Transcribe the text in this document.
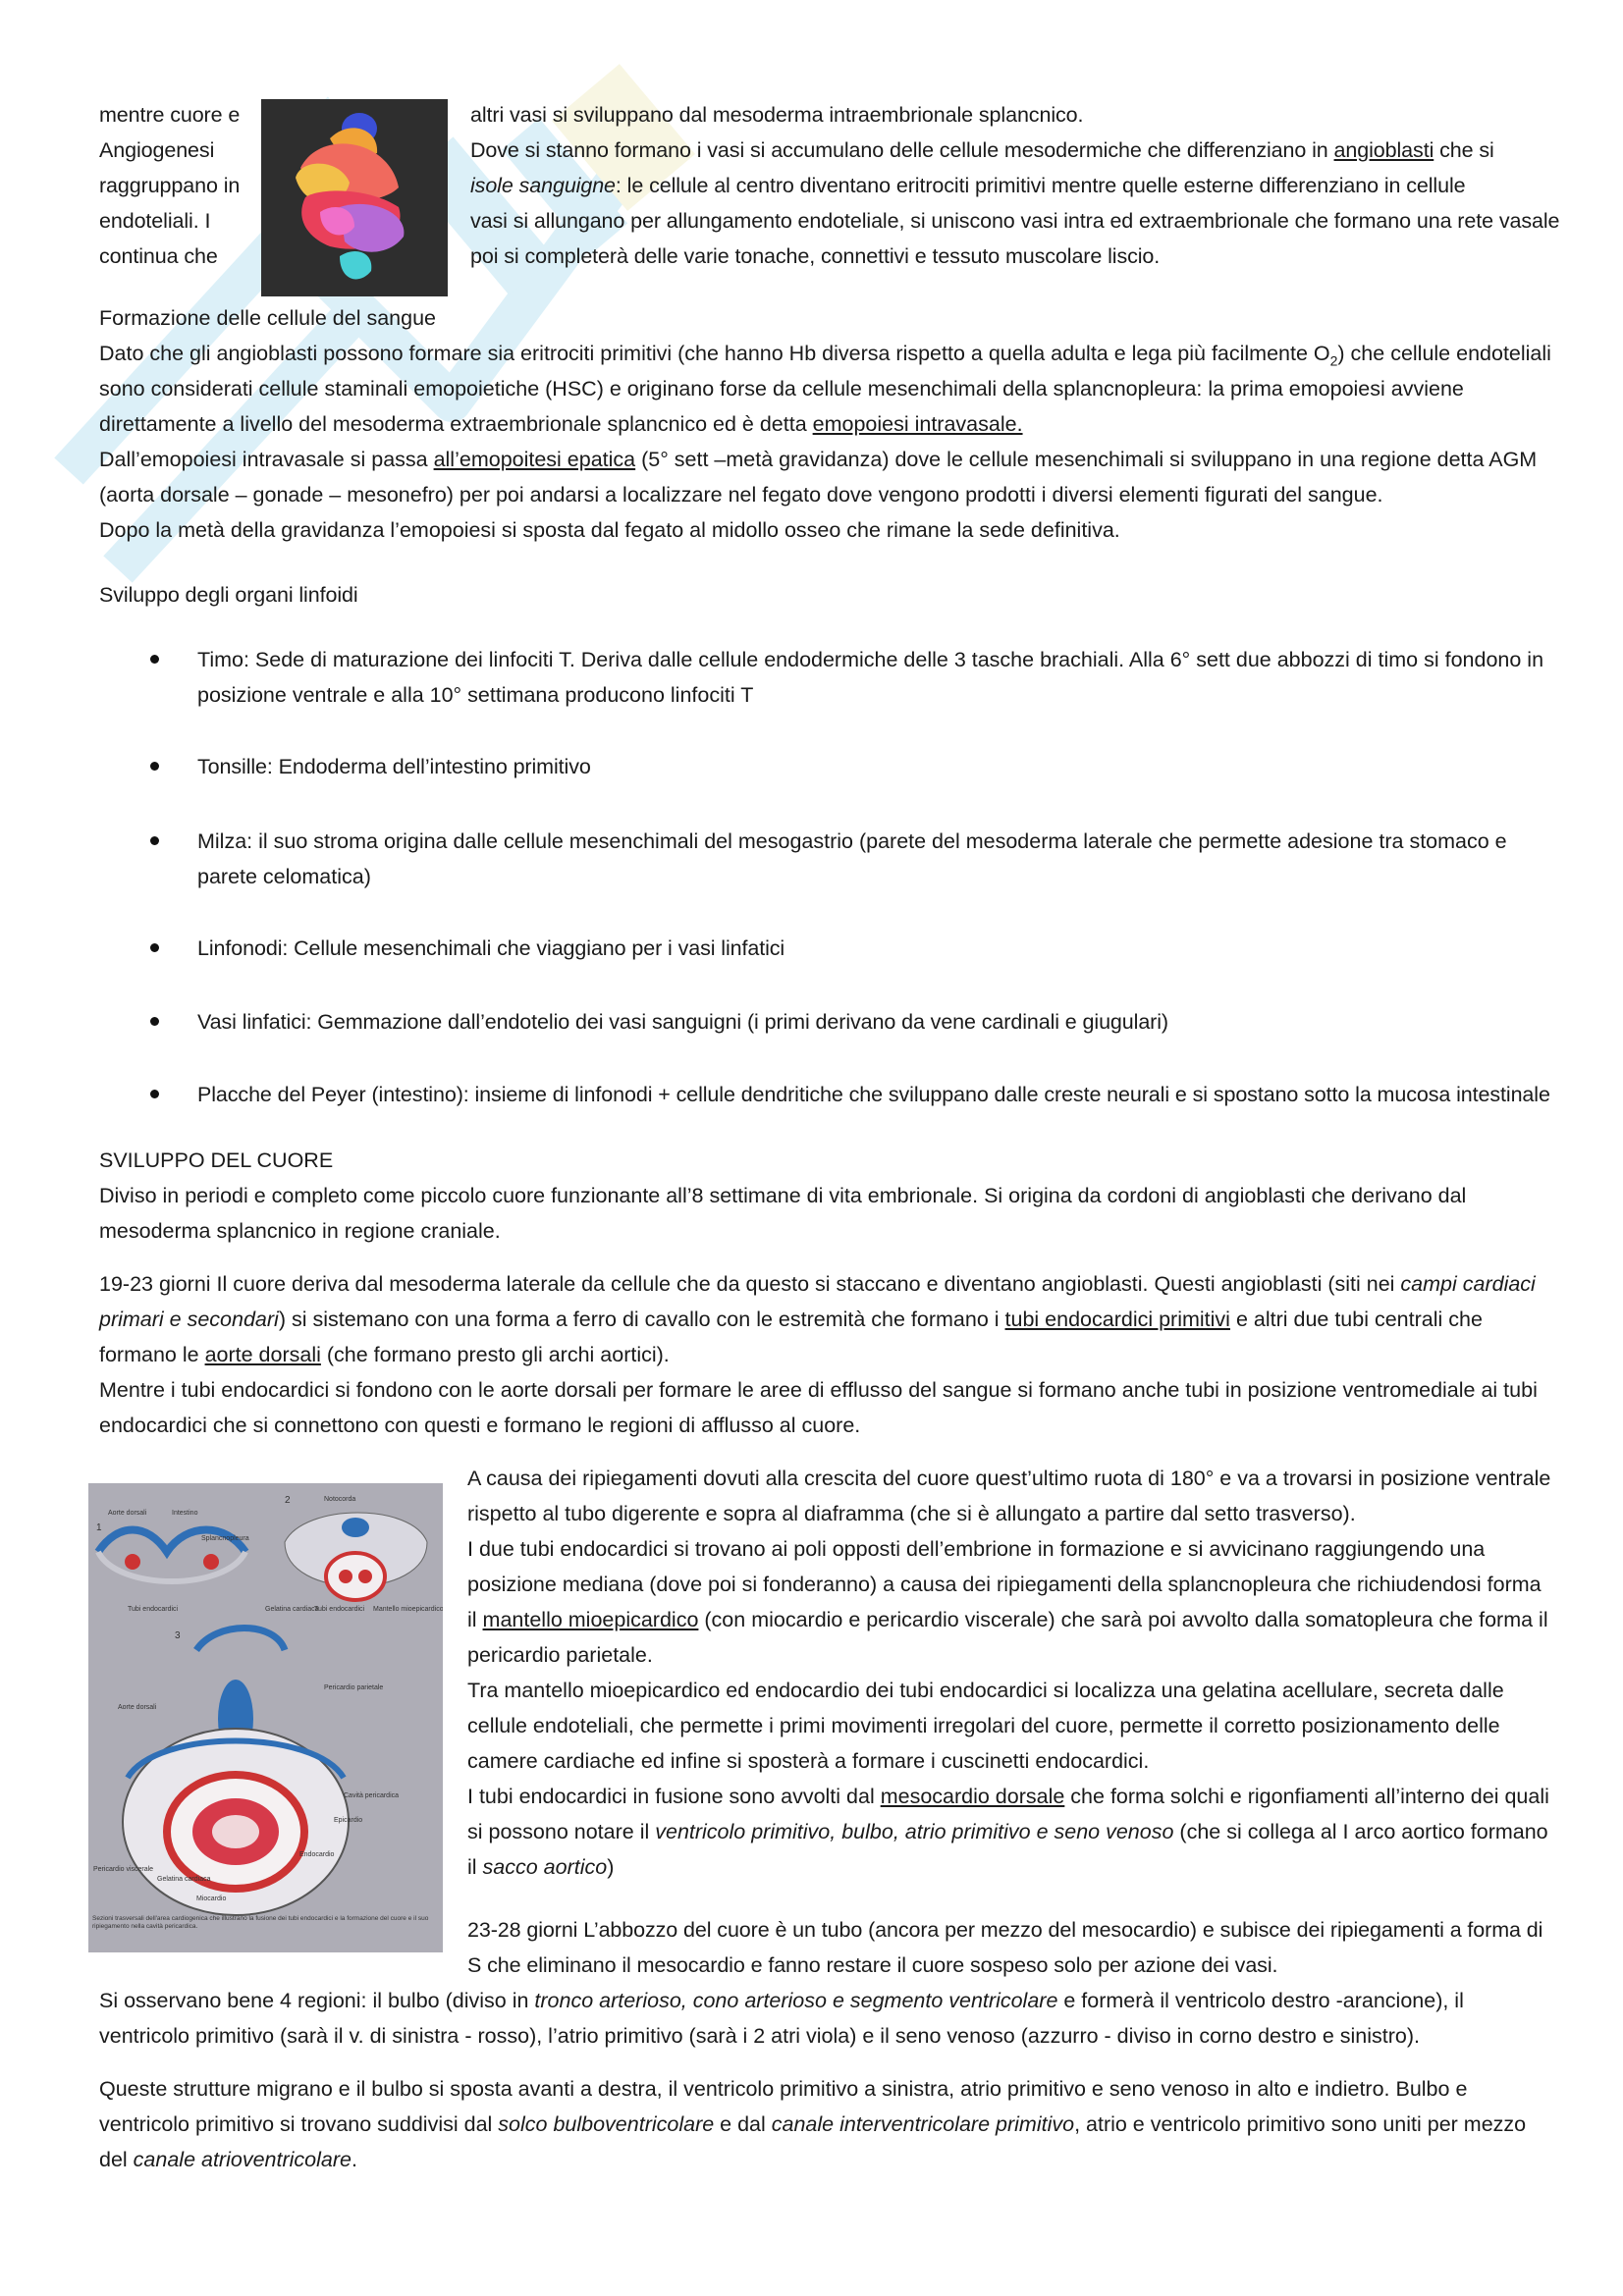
mentre cuore e
Angiogenesi
raggruppano in
endoteliali. I
continua che
altri vasi si sviluppano dal mesoderma intraembrionale splancnico.
Dove si stanno formano i vasi si accumulano delle cellule mesodermiche che differenziano in angioblasti che si
isole sanguigne: le cellule al centro diventano eritrociti primitivi mentre quelle esterne differenziano in cellule
vasi si allungano per allungamento endoteliale, si uniscono vasi intra ed extraembrionale che formano una rete vasale
poi si completerà delle varie tonache, connettivi e tessuto muscolare liscio.
Formazione delle cellule del sangue
Dato che gli angioblasti possono formare sia eritrociti primitivi (che hanno Hb diversa rispetto a quella adulta e lega più facilmente $O_2$) che cellule endoteliali sono considerati cellule staminali emopoietiche (HSC) e originano forse da cellule mesenchimali della splancnopleura: la prima emopoiesi avviene direttamente a livello del mesoderma extraembrionale splancnico ed è detta emopoiesi intravasale.
Dall’emopoiesi intravasale si passa all’emopoitesi epatica (5° sett –metà gravidanza) dove le cellule mesenchimali si sviluppano in una regione detta AGM (aorta dorsale – gonade – mesonefro) per poi andarsi a localizzare nel fegato dove vengono prodotti i diversi elementi figurati del sangue.
Dopo la metà della gravidanza l’emopoiesi si sposta dal fegato al midollo osseo che rimane la sede definitiva.
Sviluppo degli organi linfoidi
Timo: Sede di maturazione dei linfociti T. Deriva dalle cellule endodermiche delle 3 tasche brachiali. Alla 6° sett due abbozzi di timo si fondono in posizione ventrale e alla 10° settimana producono linfociti T
Tonsille: Endoderma dell’intestino primitivo
Milza: il suo stroma origina dalle cellule mesenchimali del mesogastrio (parete del mesoderma laterale che permette adesione tra stomaco e parete celomatica)
Linfonodi: Cellule mesenchimali che viaggiano per i vasi linfatici
Vasi linfatici: Gemmazione dall’endotelio dei vasi sanguigni (i primi derivano da vene cardinali e giugulari)
Placche del Peyer (intestino): insieme di linfonodi + cellule dendritiche che sviluppano dalle creste neurali e si spostano sotto la mucosa intestinale
SVILUPPO DEL CUORE
Diviso in periodi e completo come piccolo cuore funzionante all’8 settimane di vita embrionale. Si origina da cordoni di angioblasti che derivano dal mesoderma splancnico in regione craniale.
19-23 giorni Il cuore deriva dal mesoderma laterale da cellule che da questo si staccano e diventano angioblasti. Questi angioblasti (siti nei campi cardiaci primari e secondari) si sistemano con una forma a ferro di cavallo con le estremità che formano i tubi endocardici primitivi e altri due tubi centrali che formano le aorte dorsali (che formano presto gli archi aortici).
Mentre i tubi endocardici si fondono con le aorte dorsali per formare le aree di efflusso del sangue si formano anche tubi in posizione ventromediale ai tubi endocardici che si connettono con questi e formano le regioni di afflusso al cuore.
Aorte dorsali	Intestino
Notocorda
Splancnopleura
Tubi endocardici	Gelatina cardiaca
Tubi endocardici Mantello mioepicardico
Aorte dorsali
Pericardio parietale
Cavità pericardica
Epicardio
Endocardio
Pericardio viscerale
Gelatina cardiaca
Miocardio
1
2
3
Sezioni trasversali dell'area cardiogenica che illustrano la fusione dei tubi endocardici e la formazione del cuore e il suo ripiegamento nella cavità pericardica.
A causa dei ripiegamenti dovuti alla crescita del cuore quest’ultimo ruota di 180° e va a trovarsi in posizione ventrale rispetto al tubo digerente e sopra al diaframma (che si è allungato a partire dal setto trasverso).
I due tubi endocardici si trovano ai poli opposti dell’embrione in formazione e si avvicinano raggiungendo una posizione mediana (dove poi si fonderanno) a causa dei ripiegamenti della splancnopleura che richiudendosi forma il mantello mioepicardico (con miocardio e pericardio viscerale) che sarà poi avvolto dalla somatopleura che forma il pericardio parietale.
Tra mantello mioepicardico ed endocardio dei tubi endocardici si localizza una gelatina acellulare, secreta dalle cellule endoteliali, che permette i primi movimenti irregolari del cuore, permette il corretto posizionamento delle camere cardiache ed infine si sposterà a formare i cuscinetti endocardici.
I tubi endocardici in fusione sono avvolti dal mesocardio dorsale che forma solchi e rigonfiamenti all’interno dei quali si possono notare il ventricolo primitivo, bulbo, atrio primitivo e seno venoso (che si collega al I arco aortico formano il sacco aortico)
23-28 giorni L’abbozzo del cuore è un tubo (ancora per mezzo del mesocardio) e subisce dei ripiegamenti a forma di
S che eliminano il mesocardio e fanno restare il cuore sospeso solo per azione dei vasi.
Si osservano bene 4 regioni: il bulbo (diviso in tronco arterioso, cono arterioso e segmento ventricolare e formerà il ventricolo destro -arancione), il ventricolo primitivo (sarà il v. di sinistra - rosso), l’atrio primitivo (sarà i 2 atri viola) e il seno venoso (azzurro - diviso in corno destro e sinistro).
Queste strutture migrano e il bulbo si sposta avanti a destra, il ventricolo primitivo a sinistra, atrio primitivo e seno venoso in alto e indietro. Bulbo e ventricolo primitivo si trovano suddivisi dal solco bulboventricolare e dal canale interventricolare primitivo, atrio e ventricolo primitivo sono uniti per mezzo del canale atrioventricolare.
